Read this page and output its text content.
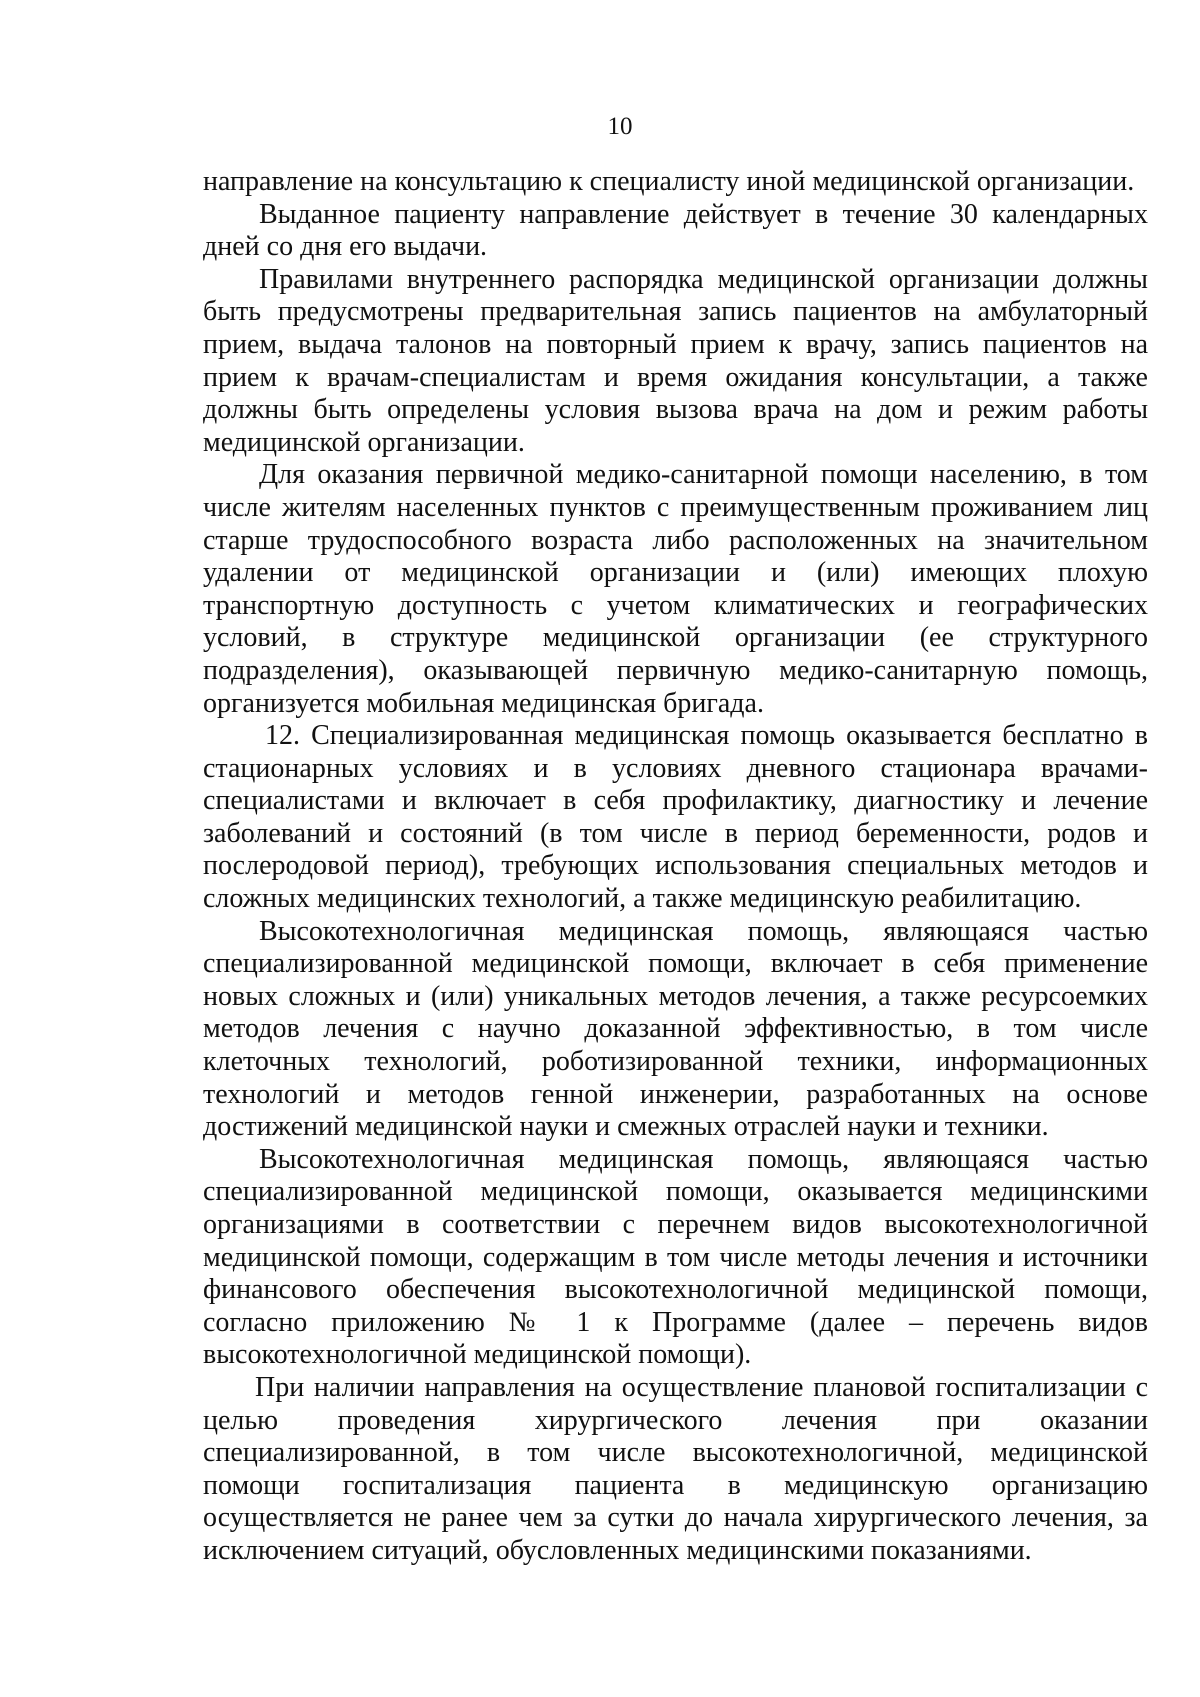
10

направление на консультацию к специалисту иной медицинской организации.

Выданное пациенту направление действует в течение 30 календарных дней со дня его выдачи.

Правилами внутреннего распорядка медицинской организации должны быть предусмотрены предварительная запись пациентов на амбулаторный прием, выдача талонов на повторный прием к врачу, запись пациентов на прием к врачам-специалистам и время ожидания консультации, а также должны быть определены условия вызова врача на дом и режим работы медицинской организации.

Для оказания первичной медико-санитарной помощи населению, в том числе жителям населенных пунктов с преимущественным проживанием лиц старше трудоспособного возраста либо расположенных на значительном удалении от медицинской организации и (или) имеющих плохую транспортную доступность с учетом климатических и географических условий, в структуре медицинской организации (ее структурного подразделения), оказывающей первичную медико-санитарную помощь, организуется мобильная медицинская бригада.

12. Специализированная медицинская помощь оказывается бесплатно в стационарных условиях и в условиях дневного стационара врачами-специалистами и включает в себя профилактику, диагностику и лечение заболеваний и состояний (в том числе в период беременности, родов и послеродовой период), требующих использования специальных методов и сложных медицинских технологий, а также медицинскую реабилитацию.

Высокотехнологичная медицинская помощь, являющаяся частью специализированной медицинской помощи, включает в себя применение новых сложных и (или) уникальных методов лечения, а также ресурсоемких методов лечения с научно доказанной эффективностью, в том числе клеточных технологий, роботизированной техники, информационных технологий и методов генной инженерии, разработанных на основе достижений медицинской науки и смежных отраслей науки и техники.

Высокотехнологичная медицинская помощь, являющаяся частью специализированной медицинской помощи, оказывается медицинскими организациями в соответствии с перечнем видов высокотехнологичной медицинской помощи, содержащим в том числе методы лечения и источники финансового обеспечения высокотехнологичной медицинской помощи, согласно приложению № 1 к Программе (далее – перечень видов высокотехнологичной медицинской помощи).

При наличии направления на осуществление плановой госпитализации с целью проведения хирургического лечения при оказании специализированной, в том числе высокотехнологичной, медицинской помощи госпитализация пациента в медицинскую организацию осуществляется не ранее чем за сутки до начала хирургического лечения, за исключением ситуаций, обусловленных медицинскими показаниями.
